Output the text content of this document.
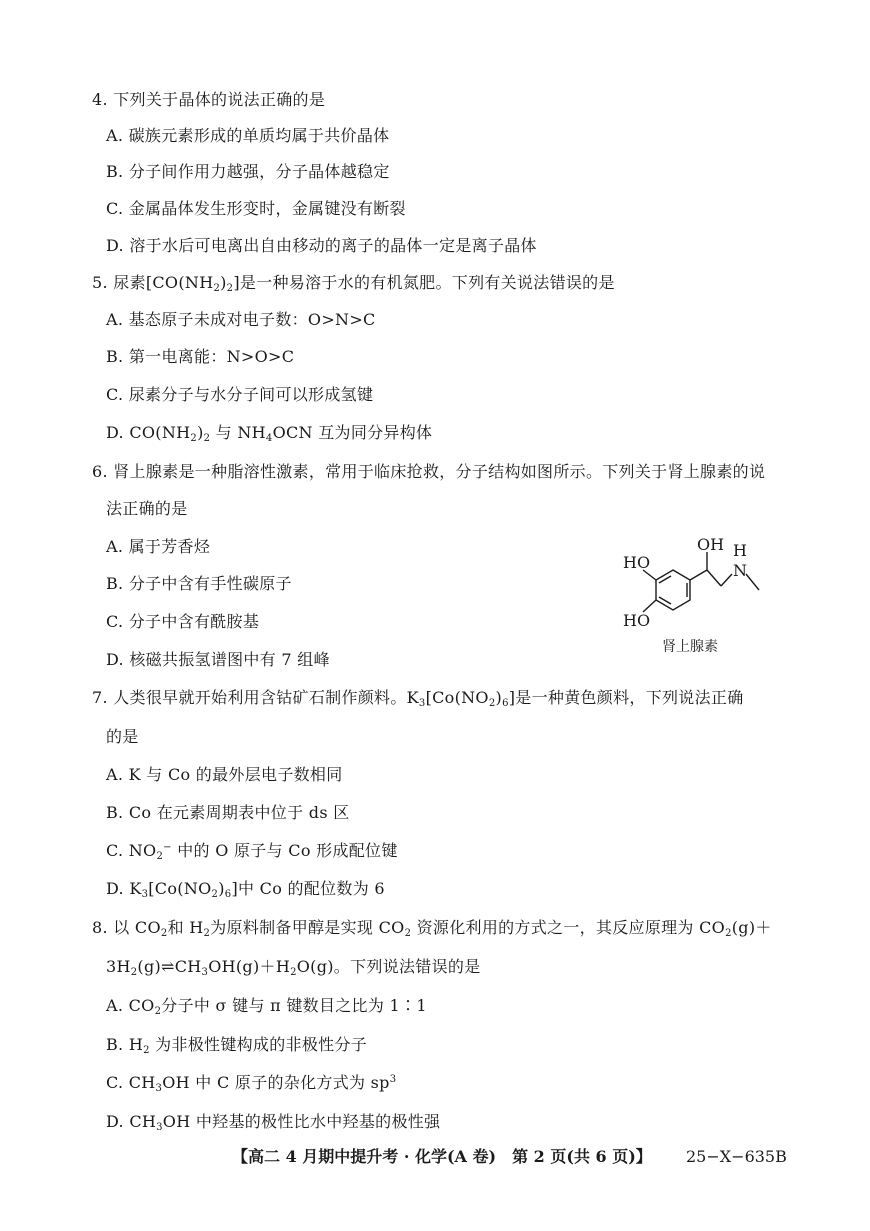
4. 下列关于晶体的说法正确的是
A. 碳族元素形成的单质均属于共价晶体
B. 分子间作用力越强，分子晶体越稳定
C. 金属晶体发生形变时，金属键没有断裂
D. 溶于水后可电离出自由移动的离子的晶体一定是离子晶体
5. 尿素$[CO(NH_2)_2]$是一种易溶于水的有机氮肥。下列有关说法错误的是
A. 基态原子未成对电子数：O>N>C
B. 第一电离能：N>O>C
C. 尿素分子与水分子间可以形成氢键
D. $CO(NH_2)_2$ 与 $NH_4OCN$ 互为同分异构体
6. 肾上腺素是一种脂溶性激素，常用于临床抢救，分子结构如图所示。下列关于肾上腺素的说
法正确的是
A. 属于芳香烃
B. 分子中含有手性碳原子
C. 分子中含有酰胺基
D. 核磁共振氢谱图中有 7 组峰
HO
HO
OH H
N
肾上腺素
7. 人类很早就开始利用含钴矿石制作颜料。$K_3[Co(NO_2)_6]$是一种黄色颜料，下列说法正确
的是
A. K 与 Co 的最外层电子数相同
B. Co 在元素周期表中位于 ds 区
C. $NO_2^-$ 中的 O 原子与 Co 形成配位键
D. $K_3[Co(NO_2)_6]$中 Co 的配位数为 6
8. 以 $CO_2$和 $H_2$为原料制备甲醇是实现 $CO_2$ 资源化利用的方式之一，其反应原理为 $CO_2(g)+$
$3H_2(g)\rightleftharpoons CH_3OH(g)+H_2O(g)$。下列说法错误的是
A. $CO_2$分子中 σ 键与 π 键数目之比为 1∶1
B. $H_2$ 为非极性键构成的非极性分子
C. $CH_3OH$ 中 C 原子的杂化方式为 $sp^3$
D. $CH_3OH$ 中羟基的极性比水中羟基的极性强
【高二 4 月期中提升考 · 化学(A 卷)　第 2 页(共 6 页)】 25−X−635B
